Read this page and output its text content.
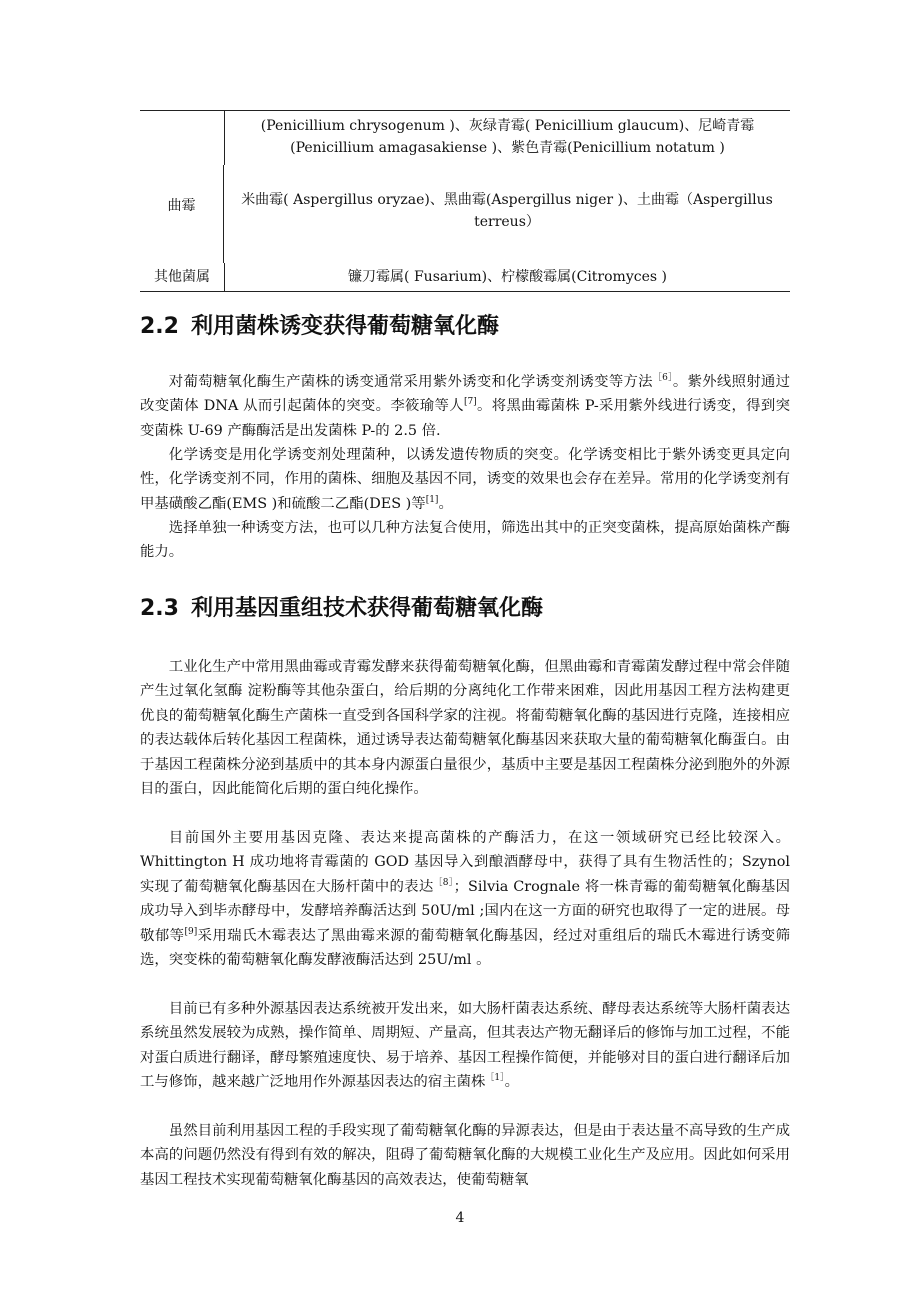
(Penicillium chrysogenum )、灰绿青霉( Penicillium glaucum)、尼崎青霉(Penicillium amagasakiense )、紫色青霉(Penicillium notatum )
曲霉	米曲霉( Aspergillus oryzae)、黑曲霉(Aspergillus niger )、土曲霉（Aspergillus terreus）
其他菌属	镰刀霉属( Fusarium)、柠檬酸霉属(Citromyces )
2.2 利用菌株诱变获得葡萄糖氧化酶

对葡萄糖氧化酶生产菌株的诱变通常采用紫外诱变和化学诱变剂诱变等方法$^{[6]}$。紫外线照射通过改变菌体 DNA 从而引起菌体的突变。李筱瑜等人[7]。将黑曲霉菌株 P-采用紫外线进行诱变，得到突变菌株 U-69 产酶酶活是出发菌株 P-的 2.5 倍.

化学诱变是用化学诱变剂处理菌种，以诱发遗传物质的突变。化学诱变相比于紫外诱变更具定向性，化学诱变剂不同，作用的菌株、细胞及基因不同，诱变的效果也会存在差异。常用的化学诱变剂有甲基磺酸乙酯(EMS )和硫酸二乙酯(DES )等[1]。

选择单独一种诱变方法，也可以几种方法复合使用，筛选出其中的正突变菌株，提高原始菌株产酶能力。

2.3 利用基因重组技术获得葡萄糖氧化酶

工业化生产中常用黑曲霉或青霉发酵来获得葡萄糖氧化酶，但黑曲霉和青霉菌发酵过程中常会伴随产生过氧化氢酶 淀粉酶等其他杂蛋白，给后期的分离纯化工作带来困难，因此用基因工程方法构建更优良的葡萄糖氧化酶生产菌株一直受到各国科学家的注视。将葡萄糖氧化酶的基因进行克隆，连接相应的表达载体后转化基因工程菌株，通过诱导表达葡萄糖氧化酶基因来获取大量的葡萄糖氧化酶蛋白。由于基因工程菌株分泌到基质中的其本身内源蛋白量很少，基质中主要是基因工程菌株分泌到胞外的外源目的蛋白，因此能简化后期的蛋白纯化操作。

目前国外主要用基因克隆、表达来提高菌株的产酶活力，在这一领域研究已经比较深入。Whittington H 成功地将青霉菌的 GOD 基因导入到酿酒酵母中，获得了具有生物活性的；Szynol 实现了葡萄糖氧化酶基因在大肠杆菌中的表达$^{[8]}$；Silvia Crognale 将一株青霉的葡萄糖氧化酶基因成功导入到毕赤酵母中，发酵培养酶活达到 50U/ml ;国内在这一方面的研究也取得了一定的进展。母敬郁等[9]采用瑞氏木霉表达了黑曲霉来源的葡萄糖氧化酶基因，经过对重组后的瑞氏木霉进行诱变筛选，突变株的葡萄糖氧化酶发酵液酶活达到 25U/ml 。

目前已有多种外源基因表达系统被开发出来，如大肠杆菌表达系统、酵母表达系统等大肠杆菌表达系统虽然发展较为成熟，操作简单、周期短、产量高，但其表达产物无翻译后的修饰与加工过程，不能对蛋白质进行翻译，酵母繁殖速度快、易于培养、基因工程操作简便，并能够对目的蛋白进行翻译后加工与修饰，越来越广泛地用作外源基因表达的宿主菌株$^{[1]}$。

虽然目前利用基因工程的手段实现了葡萄糖氧化酶的异源表达，但是由于表达量不高导致的生产成本高的问题仍然没有得到有效的解决，阻碍了葡萄糖氧化酶的大规模工业化生产及应用。因此如何采用基因工程技术实现葡萄糖氧化酶基因的高效表达，使葡萄糖氧

4
